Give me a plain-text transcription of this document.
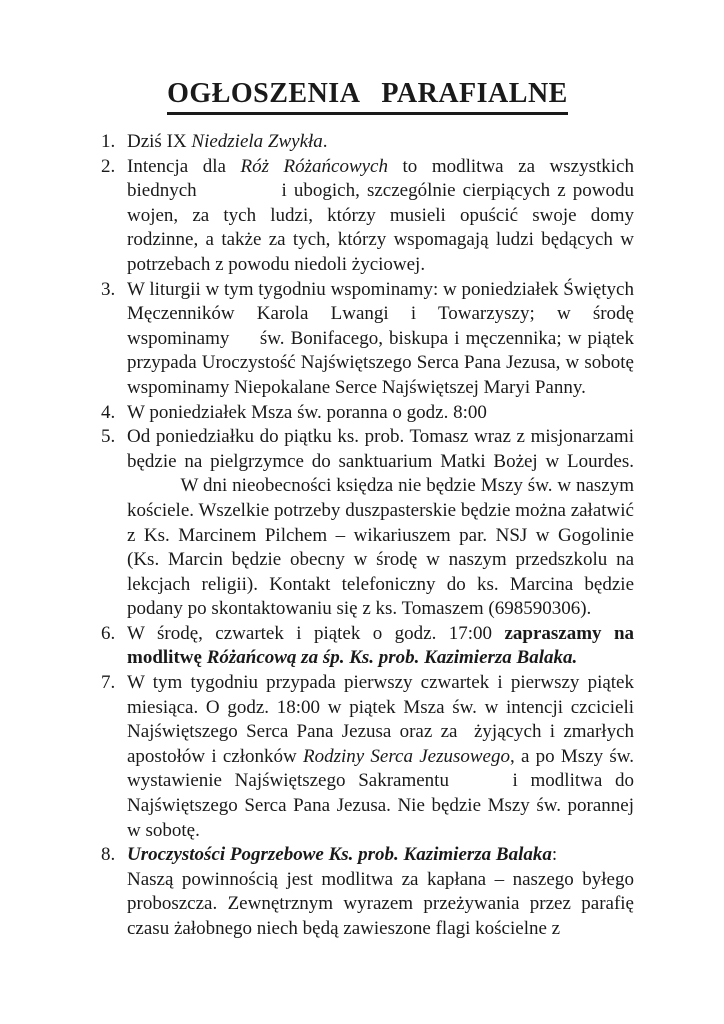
OGŁOSZENIA   PARAFIALNE
1. Dziś IX Niedziela Zwykła.
2. Intencja dla Róż Różańcowych to modlitwa za wszystkich biednych            i ubogich, szczególnie cierpiących z powodu wojen, za tych ludzi, którzy musieli opuścić swoje domy rodzinne, a także za tych, którzy wspomagają ludzi będących w potrzebach z powodu niedoli życiowej.
3. W liturgii w tym tygodniu wspominamy: w poniedziałek Świętych Męczenników Karola Lwangi i Towarzyszy; w środę wspominamy     św. Bonifacego, biskupa i męczennika; w piątek przypada Uroczystość Najświętszego Serca Pana Jezusa, w sobotę wspominamy Niepokalane Serce Najświętszej Maryi Panny.
4. W poniedziałek Msza św. poranna o godz. 8:00
5. Od poniedziałku do piątku ks. prob. Tomasz wraz z misjonarzami będzie na pielgrzymce do sanktuarium Matki Bożej w Lourdes.            W dni nieobecności księdza nie będzie Mszy św. w naszym kościele. Wszelkie potrzeby duszpasterskie będzie można załatwić z Ks. Marcinem Pilchem – wikariuszem par. NSJ w Gogolinie (Ks. Marcin będzie obecny w środę w naszym przedszkolu na lekcjach religii). Kontakt telefoniczny do ks. Marcina będzie podany po skontaktowaniu się z ks. Tomaszem (698590306).
6. W środę, czwartek i piątek o godz. 17:00 zapraszamy na modlitwę Różańcową za śp. Ks. prob. Kazimierza Balaka.
7. W tym tygodniu przypada pierwszy czwartek i pierwszy piątek miesiąca. O godz. 18:00 w piątek Msza św. w intencji czcicieli Najświętszego Serca Pana Jezusa oraz za  żyjących i zmarłych apostołów i członków Rodziny Serca Jezusowego, a po Mszy św. wystawienie Najświętszego Sakramentu     i modlitwa do Najświętszego Serca Pana Jezusa. Nie będzie Mszy św. porannej w sobotę.
8. Uroczystości Pogrzebowe Ks. prob. Kazimierza Balaka:
Naszą powinnością jest modlitwa za kapłana – naszego byłego proboszcza. Zewnętrznym wyrazem przeżywania przez parafię czasu żałobnego niech będą zawieszone flagi kościelne z
